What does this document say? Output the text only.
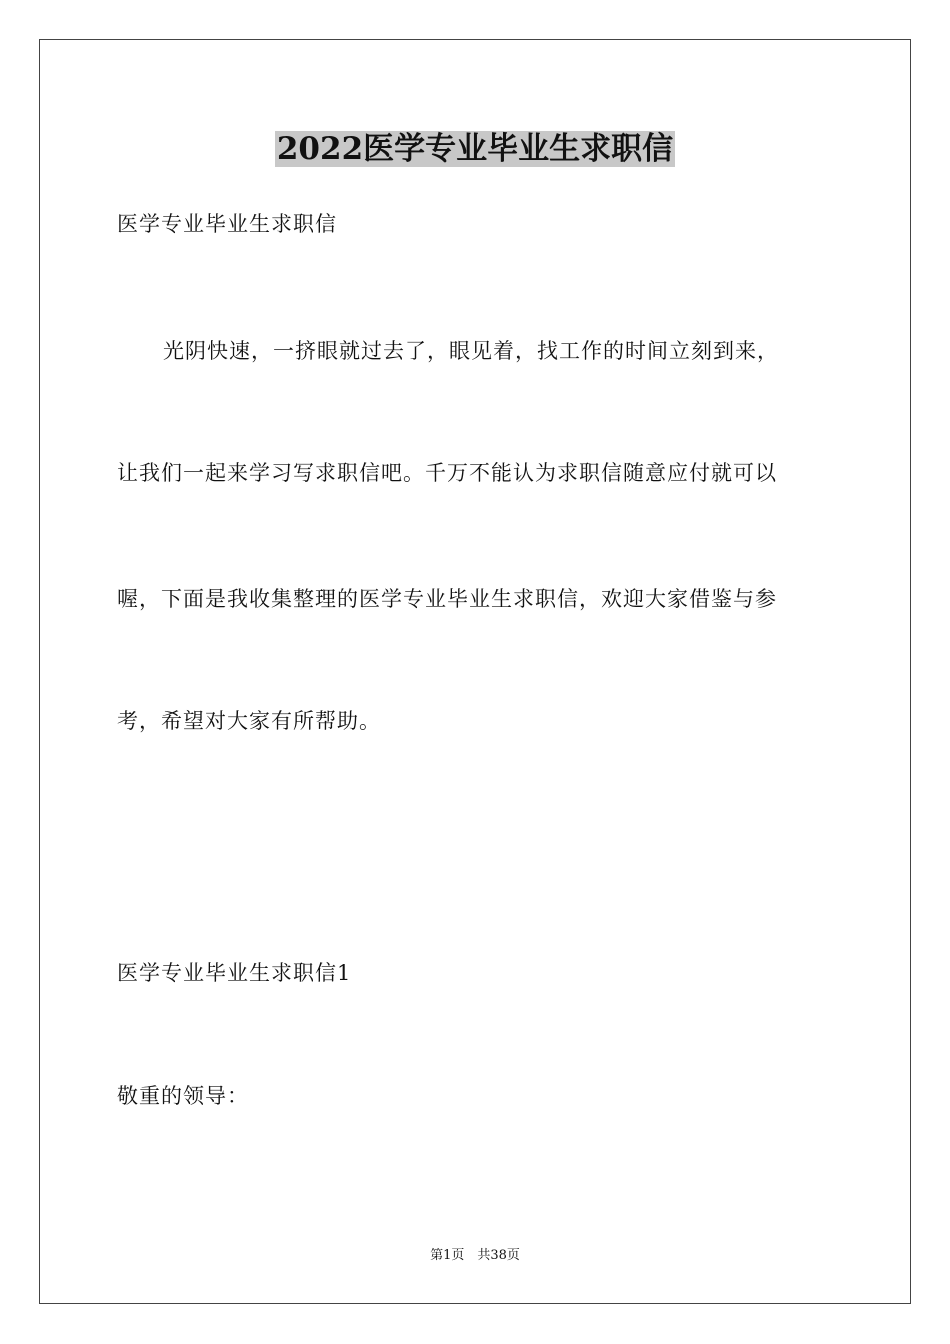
2022医学专业毕业生求职信

医学专业毕业生求职信

光阴快速，一挤眼就过去了，眼见着，找工作的时间立刻到来，

让我们一起来学习写求职信吧。千万不能认为求职信随意应付就可以

喔，下面是我收集整理的医学专业毕业生求职信，欢迎大家借鉴与参

考，希望对大家有所帮助。

医学专业毕业生求职信1

敬重的领导：

第1页　共38页
